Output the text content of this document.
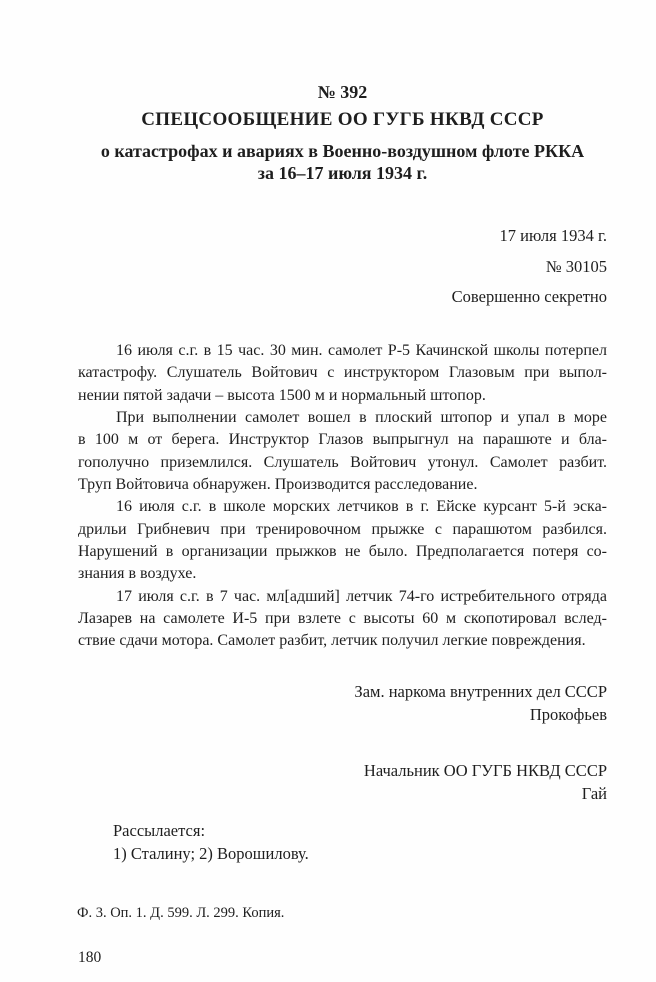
№ 392
СПЕЦСООБЩЕНИЕ ОО ГУГБ НКВД СССР
о катастрофах и авариях в Военно-воздушном флоте РККА
за 16–17 июля 1934 г.
17 июля 1934 г.
№ 30105
Совершенно секретно
16 июля с.г. в 15 час. 30 мин. самолет Р-5 Качинской школы потерпел
катастрофу. Слушатель Войтович с инструктором Глазовым при выпол-
нении пятой задачи – высота 1500 м и нормальный штопор.
При выполнении самолет вошел в плоский штопор и упал в море
в 100 м от берега. Инструктор Глазов выпрыгнул на парашюте и бла-
гополучно приземлился. Слушатель Войтович утонул. Самолет разбит.
Труп Войтовича обнаружен. Производится расследование.
16 июля с.г. в школе морских летчиков в г. Ейске курсант 5-й эска-
дрильи Грибневич при тренировочном прыжке с парашютом разбился.
Нарушений в организации прыжков не было. Предполагается потеря со-
знания в воздухе.
17 июля с.г. в 7 час. мл[адший] летчик 74-го истребительного отряда
Лазарев на самолете И-5 при взлете с высоты 60 м скопотировал вслед-
ствие сдачи мотора. Самолет разбит, летчик получил легкие повреждения.
Зам. наркома внутренних дел СССР
Прокофьев
Начальник ОО ГУГБ НКВД СССР
Гай
Рассылается:
1) Сталину; 2) Ворошилову.
Ф. 3. Оп. 1. Д. 599. Л. 299. Копия.
180
